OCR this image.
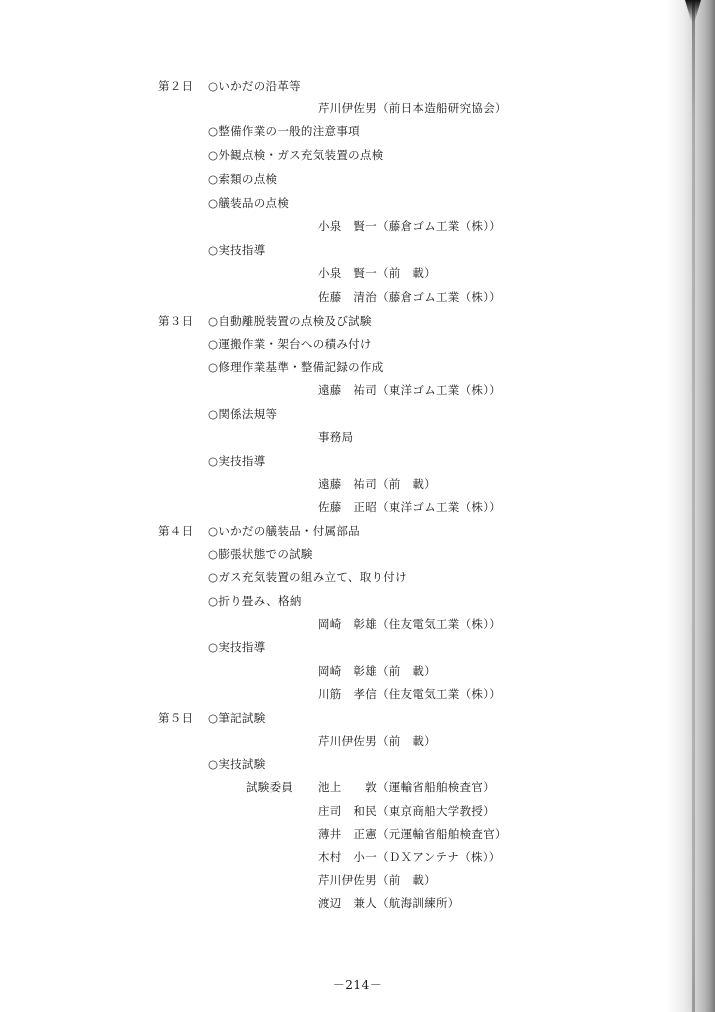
第２日 ○いかだの沿革等
芹川伊佐男（前日本造船研究協会）
○整備作業の一般的注意事項
○外観点検・ガス充気装置の点検
○索類の点検
○艤装品の点検
小泉　賢一（藤倉ゴム工業（株））
○実技指導
小泉　賢一（前　載）
佐藤　清治（藤倉ゴム工業（株））
第３日 ○自動離脱装置の点検及び試験
○運搬作業・架台への積み付け
○修理作業基準・整備記録の作成
遠藤　祐司（東洋ゴム工業（株））
○関係法規等
事務局
○実技指導
遠藤　祐司（前　載）
佐藤　正昭（東洋ゴム工業（株））
第４日 ○いかだの艤装品・付属部品
○膨張状態での試験
○ガス充気装置の組み立て、取り付け
○折り畳み、格納
岡崎　彰雄（住友電気工業（株））
○実技指導
岡崎　彰雄（前　載）
川筋　孝信（住友電気工業（株））
第５日 ○筆記試験
芹川伊佐男（前　載）
○実技試験
試験委員 池上　　敦（運輸省船舶検査官）
庄司　和民（東京商船大学教授）
薄井　正憲（元運輸省船舶検査官）
木村　小一（ＤＸアンテナ（株））
芹川伊佐男（前　載）
渡辺　兼人（航海訓練所）
－214－
